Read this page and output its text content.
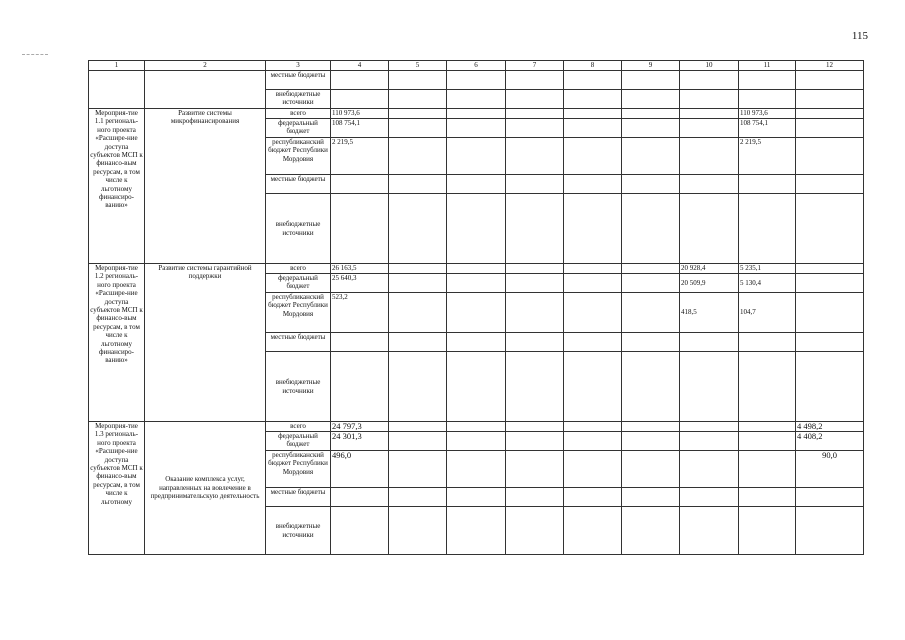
115
1	2	3	4	5	6	7	8	9	10	11	12
		местные бюджеты									
		внебюджетные источники									
Мероприя-тие 1.1 региональ-ного проекта «Расшире-ние доступа субъектов МСП к финансо-вым ресурсам, в том числе к льготному финансиро-ванию»	Развитие системы микрофинансирования	всего	110 973,6							110 973,6	
		федеральный бюджет	108 754,1							108 754,1	
		республиканский бюджет Республики Мордовия	2 219,5							2 219,5	
		местные бюджеты									
		внебюджетные источники									
Мероприя-тие 1.2 региональ-ного проекта «Расшире-ние доступа субъектов МСП к финансо-вым ресурсам, в том числе к льготному финансиро-ванию»	Развитие системы гарантийной поддержки	всего	26 163,5						20 928,4	5 235,1	
		федеральный бюджет	25 640,3						20 509,9	5 130,4	
		республиканский бюджет Республики Мордовия	523,2						418,5	104,7	
		местные бюджеты									
		внебюджетные источники									
Мероприя-тие 1.3 региональ-ного проекта «Расшире-ние доступа субъектов МСП к финансо-вым ресурсам, в том числе к льготному	Оказание комплекса услуг, направленных на вовлечение в предпринимательскую деятельность	всего	24 797,3								4 498,2
		федеральный бюджет	24 301,3								4 408,2
		республиканский бюджет Республики Мордовия	496,0								90,0
		местные бюджеты									
		внебюджетные источники									
